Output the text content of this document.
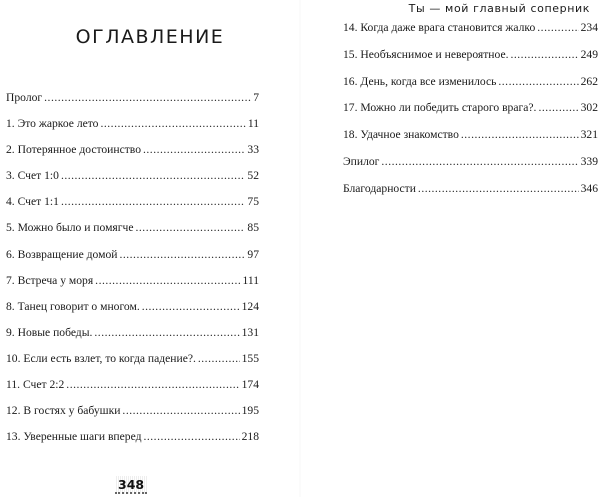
ОГЛАВЛЕНИЕ
Пролог . . .	7
1. Это жаркое лето . . .	11
2. Потерянное достоинство . . .	33
3. Счет 1:0 . . .	52
4. Счет 1:1 . . .	75
5. Можно было и помягче . . .	85
6. Возвращение домой . . .	97
7. Встреча у моря . . .	111
8. Танец говорит о многом. . . .	124
9. Новые победы. . . .	131
10. Если есть взлет, то когда падение?. . . .	155
11. Счет 2:2 . . .	174
12. В гостях у бабушки . . .	195
13. Уверенные шаги вперед . . .	218
348
Ты — мой главный соперник
14. Когда даже врага становится жалко . . .	234
15. Необъяснимое и невероятное. . . .	249
16. День, когда все изменилось . . .	262
17. Можно ли победить старого врага?. . . .	302
18. Удачное знакомство . . .	321
Эпилог . . .	339
Благодарности . . .	346
